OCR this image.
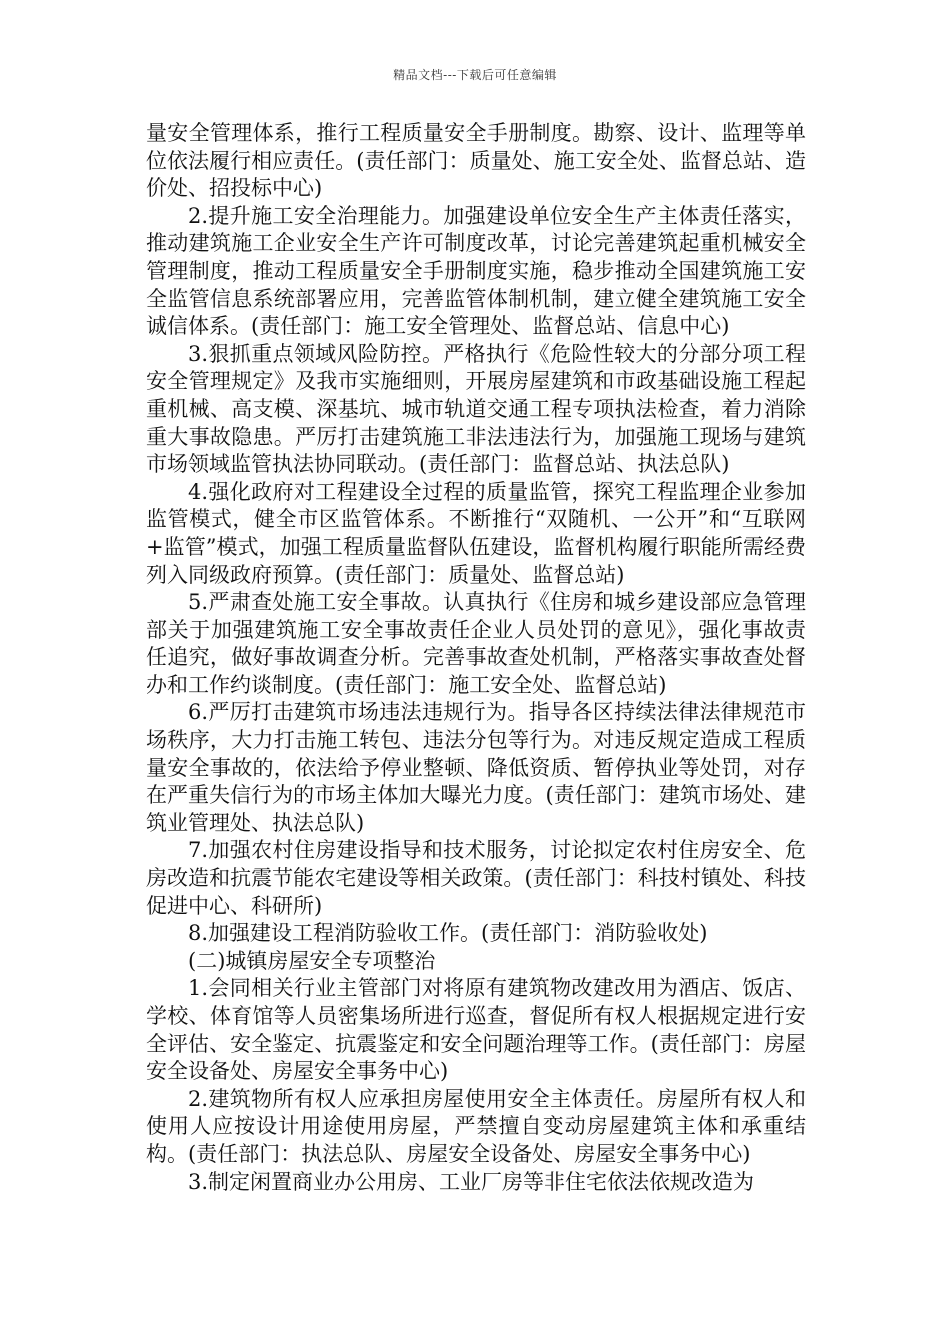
精品文档---下载后可任意编辑

量安全管理体系，推行工程质量安全手册制度。勘察、设计、监理等单位依法履行相应责任。(责任部门：质量处、施工安全处、监督总站、造价处、招投标中心)

2.提升施工安全治理能力。加强建设单位安全生产主体责任落实，推动建筑施工企业安全生产许可制度改革，讨论完善建筑起重机械安全管理制度，推动工程质量安全手册制度实施，稳步推动全国建筑施工安全监管信息系统部署应用，完善监管体制机制，建立健全建筑施工安全诚信体系。(责任部门：施工安全管理处、监督总站、信息中心)

3.狠抓重点领域风险防控。严格执行《危险性较大的分部分项工程安全管理规定》及我市实施细则，开展房屋建筑和市政基础设施工程起重机械、高支模、深基坑、城市轨道交通工程专项执法检查，着力消除重大事故隐患。严厉打击建筑施工非法违法行为，加强施工现场与建筑市场领域监管执法协同联动。(责任部门：监督总站、执法总队)

4.强化政府对工程建设全过程的质量监管，探究工程监理企业参加监管模式，健全市区监管体系。不断推行“双随机、一公开”和“互联网+监管”模式，加强工程质量监督队伍建设，监督机构履行职能所需经费列入同级政府预算。(责任部门：质量处、监督总站)

5.严肃查处施工安全事故。认真执行《住房和城乡建设部应急管理部关于加强建筑施工安全事故责任企业人员处罚的意见》，强化事故责任追究，做好事故调查分析。完善事故查处机制，严格落实事故查处督办和工作约谈制度。(责任部门：施工安全处、监督总站)

6.严厉打击建筑市场违法违规行为。指导各区持续法律法律规范市场秩序，大力打击施工转包、违法分包等行为。对违反规定造成工程质量安全事故的，依法给予停业整顿、降低资质、暂停执业等处罚，对存在严重失信行为的市场主体加大曝光力度。(责任部门：建筑市场处、建筑业管理处、执法总队)

7.加强农村住房建设指导和技术服务，讨论拟定农村住房安全、危房改造和抗震节能农宅建设等相关政策。(责任部门：科技村镇处、科技促进中心、科研所)

8.加强建设工程消防验收工作。(责任部门：消防验收处)

(二)城镇房屋安全专项整治

1.会同相关行业主管部门对将原有建筑物改建改用为酒店、饭店、学校、体育馆等人员密集场所进行巡查，督促所有权人根据规定进行安全评估、安全鉴定、抗震鉴定和安全问题治理等工作。(责任部门：房屋安全设备处、房屋安全事务中心)

2.建筑物所有权人应承担房屋使用安全主体责任。房屋所有权人和使用人应按设计用途使用房屋，严禁擅自变动房屋建筑主体和承重结构。(责任部门：执法总队、房屋安全设备处、房屋安全事务中心)

3.制定闲置商业办公用房、工业厂房等非住宅依法依规改造为
